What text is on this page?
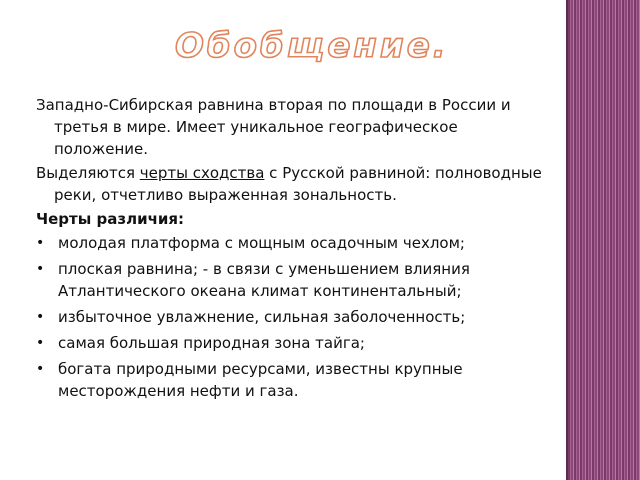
Обобщение.

Западно-Сибирская равнина вторая по площади в России и третья в мире. Имеет уникальное географическое положение.

Выделяются черты сходства с Русской равниной: полноводные реки, отчетливо выраженная зональность.

Черты различия:

• молодая платформа с мощным осадочным чехлом;
• плоская равнина; - в связи с уменьшением влияния Атлантического океана климат континентальный;
• избыточное увлажнение, сильная заболоченность;
• самая большая природная зона тайга;
• богата природными ресурсами, известны крупные месторождения нефти и газа.
